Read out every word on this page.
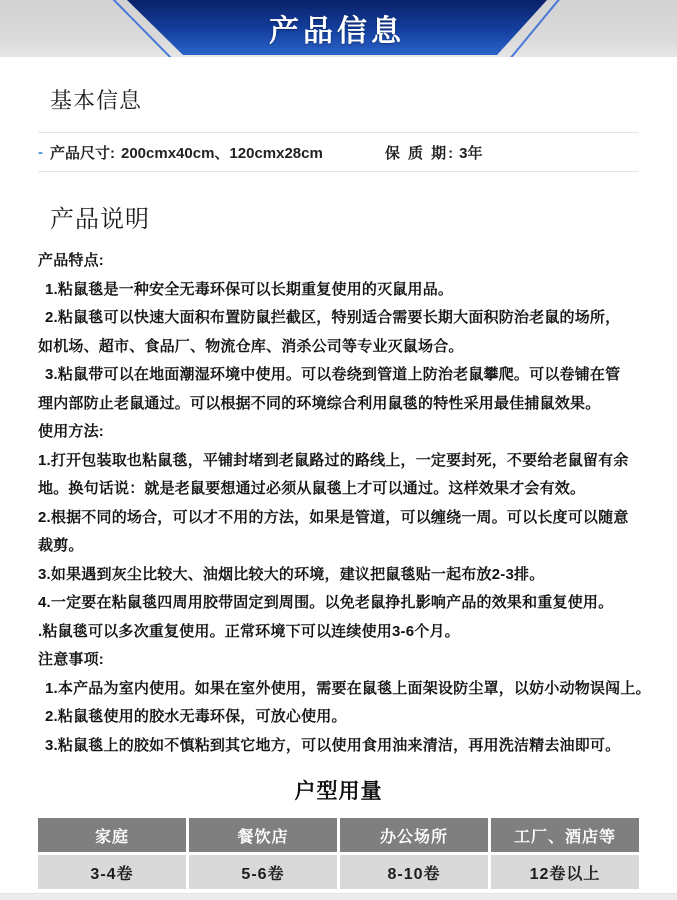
产品信息
基本信息
- 产品尺寸: 200cmx40cm、120cmx28cm	保 质 期: 3年
产品说明
产品特点:
1.粘鼠毯是一种安全无毒环保可以长期重复使用的灭鼠用品。
2.粘鼠毯可以快速大面积布置防鼠拦截区，特别适合需要长期大面积防治老鼠的场所，
如机场、超市、食品厂、物流仓库、消杀公司等专业灭鼠场合。
3.粘鼠带可以在地面潮湿环境中使用。可以卷绕到管道上防治老鼠攀爬。可以卷铺在管
理内部防止老鼠通过。可以根据不同的环境综合利用鼠毯的特性采用最佳捕鼠效果。
使用方法:
1.打开包装取也粘鼠毯，平铺封堵到老鼠路过的路线上，一定要封死，不要给老鼠留有余
地。换句话说：就是老鼠要想通过必须从鼠毯上才可以通过。这样效果才会有效。
2.根据不同的场合，可以才不用的方法，如果是管道，可以缠绕一周。可以长度可以随意
裁剪。
3.如果遇到灰尘比较大、油烟比较大的环境，建议把鼠毯贴一起布放2-3排。
4.一定要在粘鼠毯四周用胶带固定到周围。以免老鼠挣扎影响产品的效果和重复使用。
.粘鼠毯可以多次重复使用。正常环境下可以连续使用3-6个月。
注意事项:
1.本产品为室内使用。如果在室外使用，需要在鼠毯上面架设防尘罩，以妨小动物误闯上。
2.粘鼠毯使用的胶水无毒环保，可放心使用。
3.粘鼠毯上的胶如不慎粘到其它地方，可以使用食用油来清洁，再用洗洁精去油即可。
户型用量
家庭	餐饮店	办公场所	工厂、酒店等
3-4卷	5-6卷	8-10卷	12卷以上
